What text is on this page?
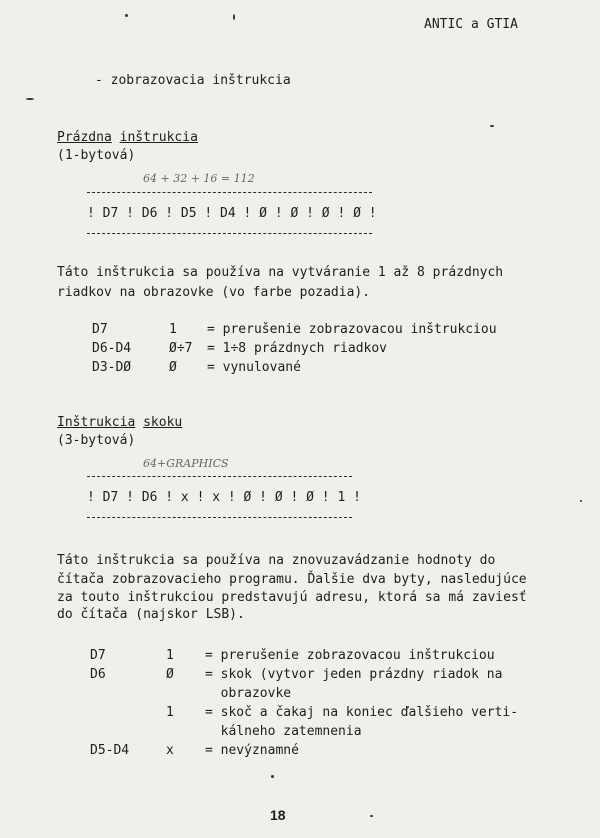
ANTIC a GTIA
- zobrazovacia inštrukcia
Prázdna inštrukcia
(1-bytová)
64 + 32 + 16 = 112
! D7 ! D6 ! D5 ! D4 ! Ø ! Ø ! Ø ! Ø !
Táto inštrukcia sa používa na vytváranie 1 až 8 prázdnych
riadkov na obrazovke (vo farbe pozadia).
D7	1 = prerušenie zobrazovacou inštrukciou
D6-D4	Ø÷7 = 1÷8 prázdnych riadkov
D3-DØ	Ø = vynulované
Inštrukcia skoku
(3-bytová)
64+GRAPHICS
! D7 ! D6 ! x ! x ! Ø ! Ø ! Ø ! 1 !
Táto inštrukcia sa používa na znovuzavádzanie hodnoty do
čítača zobrazovacieho programu. Ďalšie dva byty, nasledujúce
za touto inštrukciou predstavujú adresu, ktorá sa má zaviesť
do čítača (najskor LSB).
D7	1 = prerušenie zobrazovacou inštrukciou
D6	Ø = skok (vytvor jeden prázdny riadok na
obrazovke
1 = skoč a čakaj na koniec ďalšieho verti-
kálneho zatemnenia
D5-D4	x = nevýznamné
18
